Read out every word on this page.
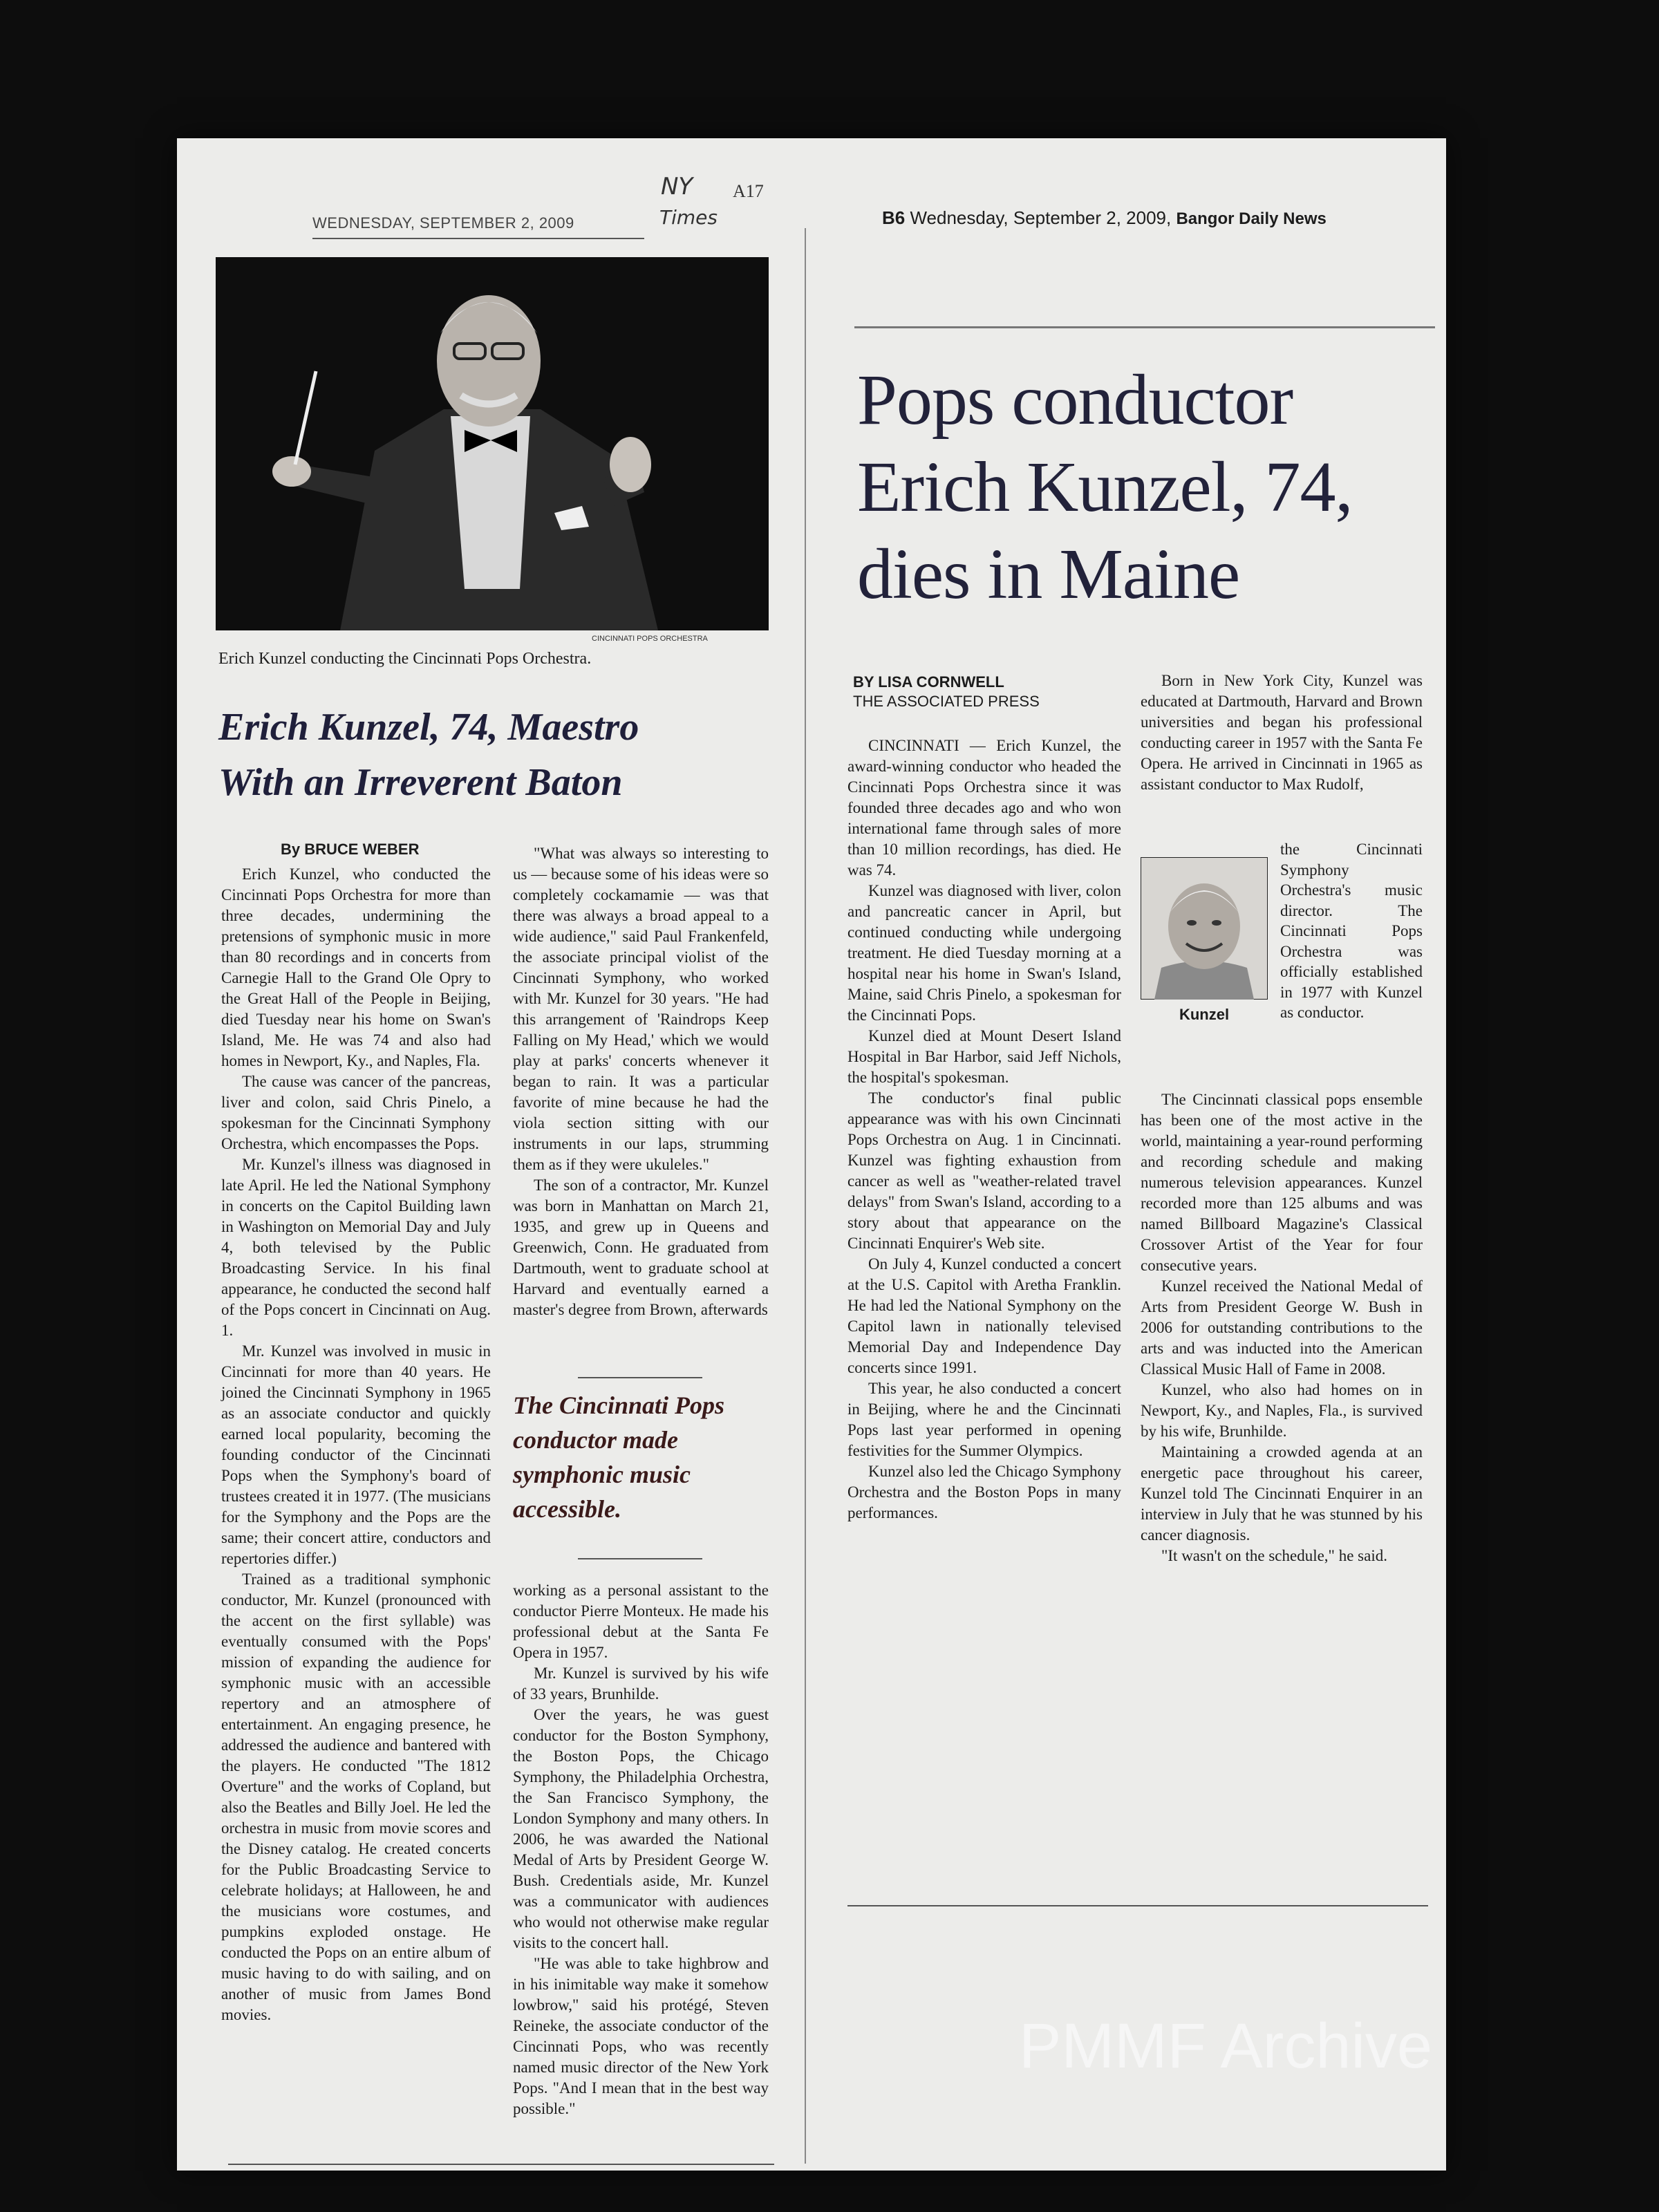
WEDNESDAY, SEPTEMBER 2, 2009
NY
Times
A17
CINCINNATI POPS ORCHESTRA
Erich Kunzel conducting the Cincinnati Pops Orchestra.
Erich Kunzel, 74, Maestro
With an Irreverent Baton
By BRUCE WEBER

Erich Kunzel, who conducted the Cincinnati Pops Orchestra for more than three decades, undermining the pretensions of symphonic music in more than 80 recordings and in concerts from Carnegie Hall to the Grand Ole Opry to the Great Hall of the People in Beijing, died Tuesday near his home on Swan's Island, Me. He was 74 and also had homes in Newport, Ky., and Naples, Fla.

The cause was cancer of the pancreas, liver and colon, said Chris Pinelo, a spokesman for the Cincinnati Symphony Orchestra, which encompasses the Pops.

Mr. Kunzel's illness was diagnosed in late April. He led the National Symphony in concerts on the Capitol Building lawn in Washington on Memorial Day and July 4, both televised by the Public Broadcasting Service. In his final appearance, he conducted the second half of the Pops concert in Cincinnati on Aug. 1.

Mr. Kunzel was involved in music in Cincinnati for more than 40 years. He joined the Cincinnati Symphony in 1965 as an associate conductor and quickly earned local popularity, becoming the founding conductor of the Cincinnati Pops when the Symphony's board of trustees created it in 1977. (The musicians for the Symphony and the Pops are the same; their concert attire, conductors and repertories differ.)

Trained as a traditional symphonic conductor, Mr. Kunzel (pronounced with the accent on the first syllable) was eventually consumed with the Pops' mission of expanding the audience for symphonic music with an accessible repertory and an atmosphere of entertainment. An engaging presence, he addressed the audience and bantered with the players. He conducted "The 1812 Overture" and the works of Copland, but also the Beatles and Billy Joel. He led the orchestra in music from movie scores and the Disney catalog. He created concerts for the Public Broadcasting Service to celebrate holidays; at Halloween, he and the musicians wore costumes, and pumpkins exploded onstage. He conducted the Pops on an entire album of music having to do with sailing, and on another of music from James Bond movies.

"What was always so interesting to us — because some of his ideas were so completely cockamamie — was that there was always a broad appeal to a wide audience," said Paul Frankenfeld, the associate principal violist of the Cincinnati Symphony, who worked with Mr. Kunzel for 30 years. "He had this arrangement of 'Raindrops Keep Falling on My Head,' which we would play at parks' concerts whenever it began to rain. It was a particular favorite of mine because he had the viola section sitting with our instruments in our laps, strumming them as if they were ukuleles."

The son of a contractor, Mr. Kunzel was born in Manhattan on March 21, 1935, and grew up in Queens and Greenwich, Conn. He graduated from Dartmouth, went to graduate school at Harvard and eventually earned a master's degree from Brown, afterwards

The Cincinnati Pops conductor made symphonic music accessible.

working as a personal assistant to the conductor Pierre Monteux. He made his professional debut at the Santa Fe Opera in 1957.

Mr. Kunzel is survived by his wife of 33 years, Brunhilde.

Over the years, he was guest conductor for the Boston Symphony, the Boston Pops, the Chicago Symphony, the Philadelphia Orchestra, the San Francisco Symphony, the London Symphony and many others. In 2006, he was awarded the National Medal of Arts by President George W. Bush. Credentials aside, Mr. Kunzel was a communicator with audiences who would not otherwise make regular visits to the concert hall.

"He was able to take highbrow and in his inimitable way make it somehow lowbrow," said his protégé, Steven Reineke, the associate conductor of the Cincinnati Pops, who was recently named music director of the New York Pops. "And I mean that in the best way possible."

B6 Wednesday, September 2, 2009, Bangor Daily News
Pops conductor
Erich Kunzel, 74,
dies in Maine
BY LISA CORNWELL
THE ASSOCIATED PRESS

CINCINNATI — Erich Kunzel, the award-winning conductor who headed the Cincinnati Pops Orchestra since it was founded three decades ago and who won international fame through sales of more than 10 million recordings, has died. He was 74.

Kunzel was diagnosed with liver, colon and pancreatic cancer in April, but continued conducting while undergoing treatment. He died Tuesday morning at a hospital near his home in Swan's Island, Maine, said Chris Pinelo, a spokesman for the Cincinnati Pops.

Kunzel died at Mount Desert Island Hospital in Bar Harbor, said Jeff Nichols, the hospital's spokesman.

The conductor's final public appearance was with his own Cincinnati Pops Orchestra on Aug. 1 in Cincinnati. Kunzel was fighting exhaustion from cancer as well as "weather-related travel delays" from Swan's Island, according to a story about that appearance on the Cincinnati Enquirer's Web site.

On July 4, Kunzel conducted a concert at the U.S. Capitol with Aretha Franklin. He had led the National Symphony on the Capitol lawn in nationally televised Memorial Day and Independence Day concerts since 1991.

This year, he also conducted a concert in Beijing, where he and the Cincinnati Pops last year performed in opening festivities for the Summer Olympics.

Kunzel also led the Chicago Symphony Orchestra and the Boston Pops in many performances.

Born in New York City, Kunzel was educated at Dartmouth, Harvard and Brown universities and began his professional conducting career in 1957 with the Santa Fe Opera. He arrived in Cincinnati in 1965 as assistant conductor to Max Rudolf,

Kunzel

the Cincinnati Symphony Orchestra's music director. The Cincinnati Pops Orchestra was officially established in 1977 with Kunzel as conductor.

The Cincinnati classical pops ensemble has been one of the most active in the world, maintaining a year-round performing and recording schedule and making numerous television appearances. Kunzel recorded more than 125 albums and was named Billboard Magazine's Classical Crossover Artist of the Year for four consecutive years.

Kunzel received the National Medal of Arts from President George W. Bush in 2006 for outstanding contributions to the arts and was inducted into the American Classical Music Hall of Fame in 2008.

Kunzel, who also had homes on in Newport, Ky., and Naples, Fla., is survived by his wife, Brunhilde.

Maintaining a crowded agenda at an energetic pace throughout his career, Kunzel told The Cincinnati Enquirer in an interview in July that he was stunned by his cancer diagnosis.

"It wasn't on the schedule," he said.

PMMF Archive
